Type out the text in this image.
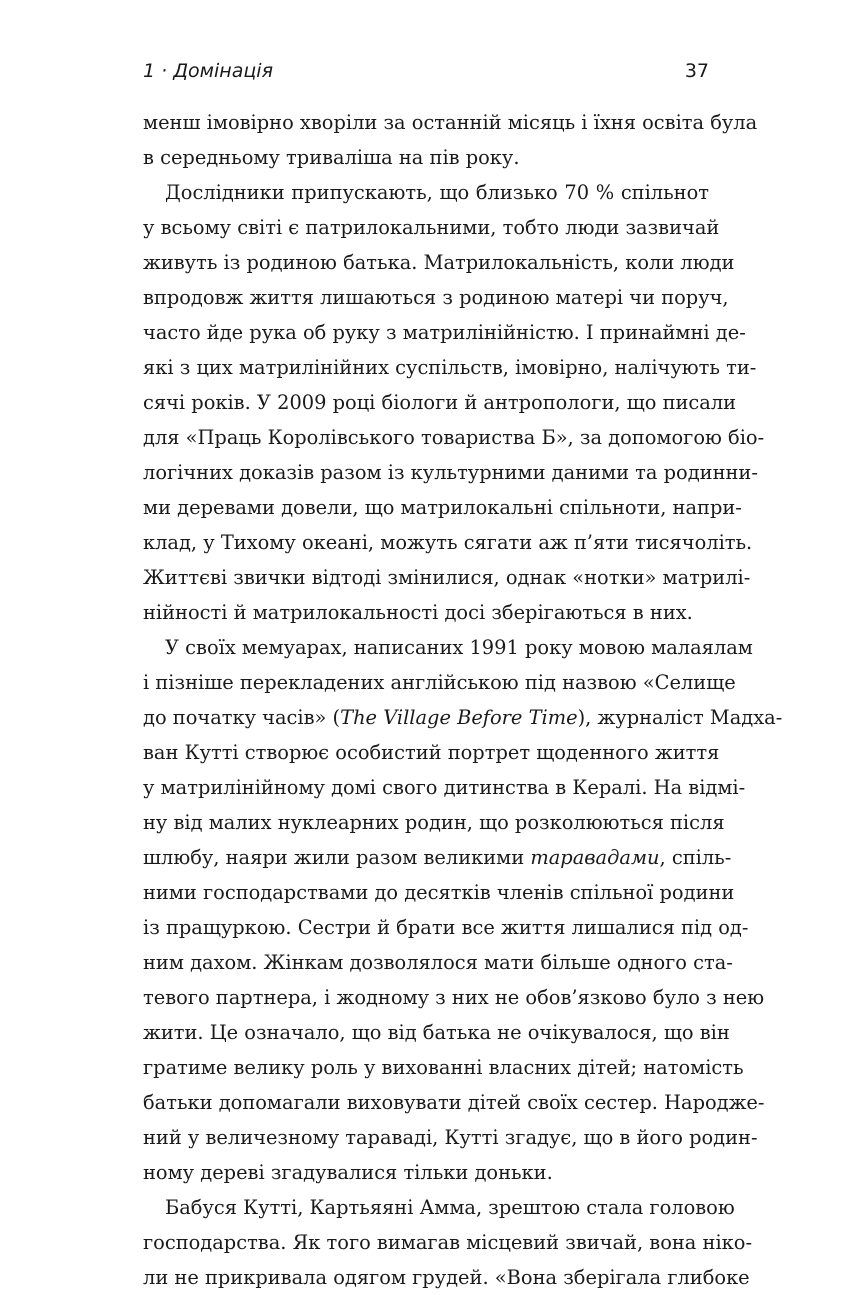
1 · Домінація	37
менш імовірно хворіли за останній місяць і їхня освіта була
в середньому триваліша на пів року.
Дослідники припускають, що близько 70 % спільнот
у всьому світі є патрилокальними, тобто люди зазвичай
живуть із родиною батька. Матрилокальність, коли люди
впродовж життя лишаються з родиною матері чи поруч,
часто йде рука об руку з матрилінійністю. І принаймні де-
які з цих матрилінійних суспільств, імовірно, налічують ти-
сячі років. У 2009 році біологи й антропологи, що писали
для «Праць Королівського товариства Б», за допомогою біо-
логічних доказів разом із культурними даними та родинни-
ми деревами довели, що матрилокальні спільноти, напри-
клад, у Тихому океані, можуть сягати аж п’яти тисячоліть.
Життєві звички відтоді змінилися, однак «нотки» матрилі-
нійності й матрилокальності досі зберігаються в них.
У своїх мемуарах, написаних 1991 року мовою малаялам
і пізніше перекладених англійською під назвою «Селище
до початку часів» (The Village Before Time), журналіст Мадха-
ван Кутті створює особистий портрет щоденного життя
у матрилінійному домі свого дитинства в Кералі. На відмі-
ну від малих нуклеарних родин, що розколюються після
шлюбу, наяри жили разом великими таравадами, спіль-
ними господарствами до десятків членів спільної родини
із пращуркою. Сестри й брати все життя лишалися під од-
ним дахом. Жінкам дозволялося мати більше одного ста-
тевого партнера, і жодному з них не обов’язково було з нею
жити. Це означало, що від батька не очікувалося, що він
гратиме велику роль у вихованні власних дітей; натомість
батьки допомагали виховувати дітей своїх сестер. Народже-
ний у величезному тараваді, Кутті згадує, що в його родин-
ному дереві згадувалися тільки доньки.
Бабуся Кутті, Картьяяні Амма, зрештою стала головою
господарства. Як того вимагав місцевий звичай, вона ніко-
ли не прикривала одягом грудей. «Вона зберігала глибоке
